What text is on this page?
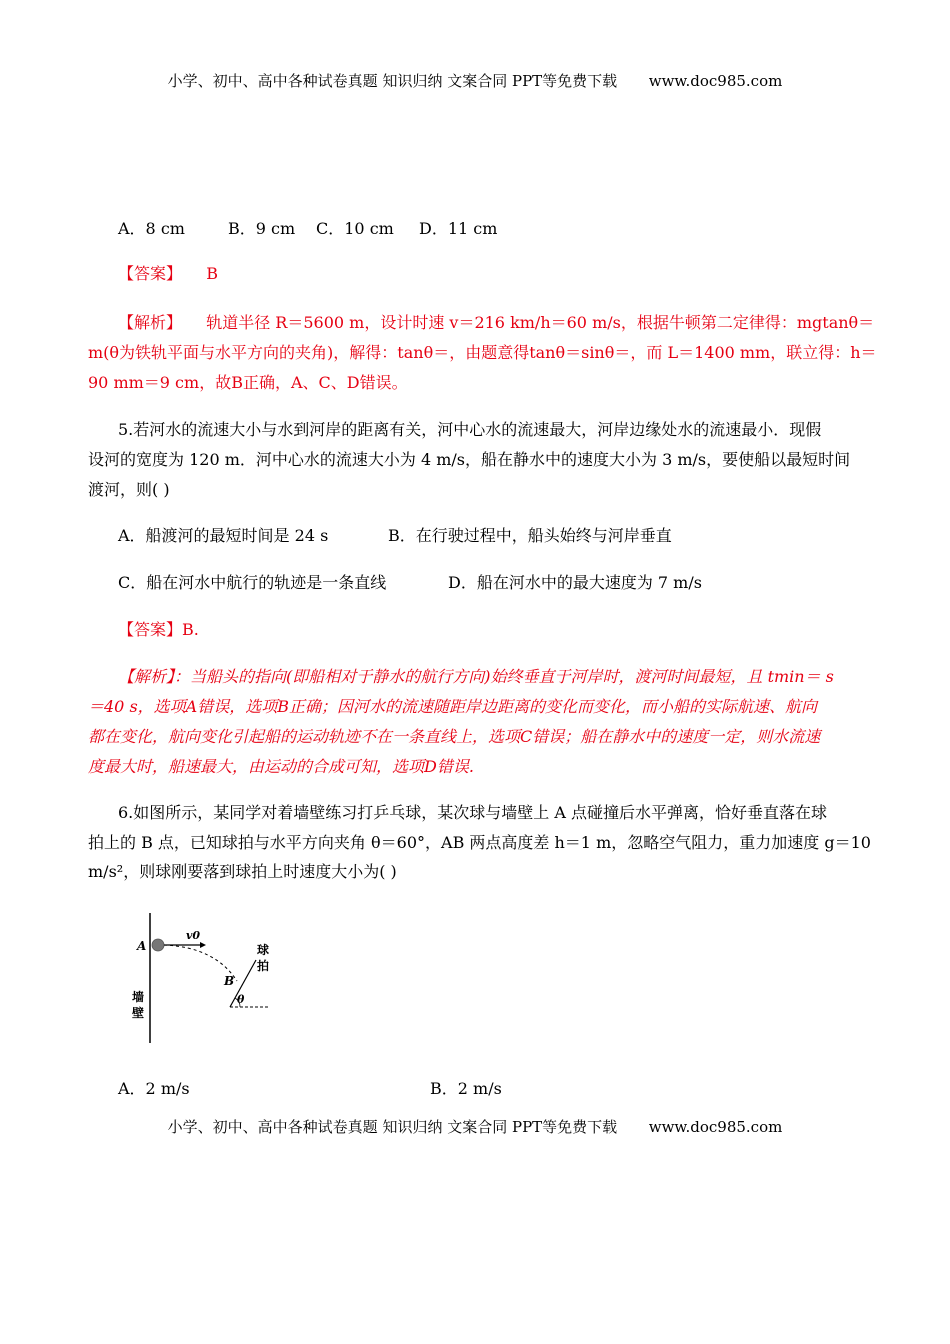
小学、初中、高中各种试卷真题 知识归纳 文案合同 PPT等免费下载 www.doc985.com
A．8 cm	B．9 cm C．10 cm D．11 cm
【答案】 B
【解析】 轨道半径 R＝5600 m，设计时速 v＝216 km/h＝60 m/s，根据牛顿第二定律得：mgtanθ＝
m(θ为铁轨平面与水平方向的夹角)，解得：tanθ＝，由题意得tanθ＝sinθ＝，而 L＝1400 mm，联立得：h＝
90 mm＝9 cm，故B正确，A、C、D错误。
5.若河水的流速大小与水到河岸的距离有关，河中心水的流速最大，河岸边缘处水的流速最小．现假
设河的宽度为 120 m．河中心水的流速大小为 4 m/s，船在静水中的速度大小为 3 m/s，要使船以最短时间
渡河，则( )
A．船渡河的最短时间是 24 s	B．在行驶过程中，船头始终与河岸垂直
C．船在河水中航行的轨迹是一条直线	D．船在河水中的最大速度为 7 m/s
【答案】B.
【解析】：当船头的指向(即船相对于静水的航行方向)始终垂直于河岸时，渡河时间最短，且 tmin＝ s
＝40 s，选项A错误，选项B正确；因河水的流速随距岸边距离的变化而变化，而小船的实际航速、航向
都在变化，航向变化引起船的运动轨迹不在一条直线上，选项C错误；船在静水中的速度一定，则水流速
度最大时，船速最大，由运动的合成可知，选项D错误.
6.如图所示，某同学对着墙壁练习打乒乓球，某次球与墙壁上 A 点碰撞后水平弹离，恰好垂直落在球
拍上的 B 点，已知球拍与水平方向夹角 θ＝60°，AB 两点高度差 h＝1 m，忽略空气阻力，重力加速度 g＝10
m/s²，则球刚要落到球拍上时速度大小为( )
A
v0
B
θ
墙
壁
球
拍
A．2 m/s	B．2 m/s
小学、初中、高中各种试卷真题 知识归纳 文案合同 PPT等免费下载 www.doc985.com
